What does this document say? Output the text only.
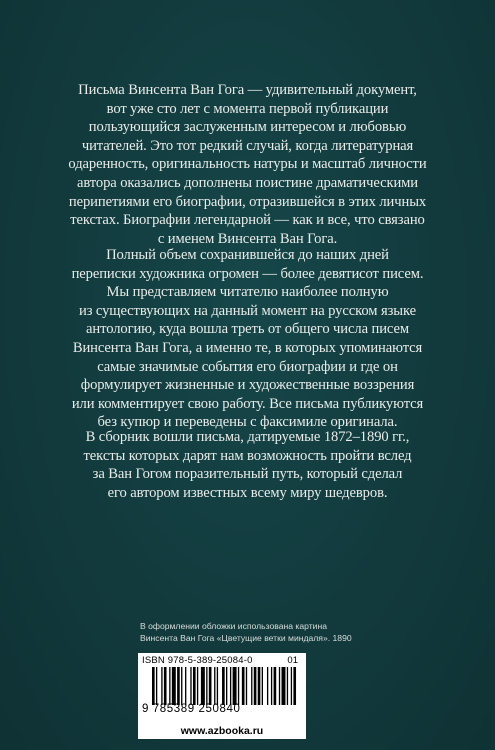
Письма Винсента Ван Гога — удивительный документ,
вот уже сто лет с момента первой публикации
пользующийся заслуженным интересом и любовью
читателей. Это тот редкий случай, когда литературная
одаренность, оригинальность натуры и масштаб личности
автора оказались дополнены поистине драматическими
перипетиями его биографии, отразившейся в этих личных
текстах. Биографии легендарной — как и все, что связано
с именем Винсента Ван Гога.
Полный объем сохранившейся до наших дней
переписки художника огромен — более девятисот писем.
Мы представляем читателю наиболее полную
из существующих на данный момент на русском языке
антологию, куда вошла треть от общего числа писем
Винсента Ван Гога, а именно те, в которых упоминаются
самые значимые события его биографии и где он
формулирует жизненные и художественные воззрения
или комментирует свою работу. Все письма публикуются
без купюр и переведены с факсимиле оригинала.
В сборник вошли письма, датируемые 1872–1890 гг.,
тексты которых дарят нам возможность пройти вслед
за Ван Гогом поразительный путь, который сделал
его автором известных всему миру шедевров.
В оформлении обложки использована картина
Винсента Ван Гога «Цветущие ветки миндаля». 1890
ISBN 978-5-389-25084-0	01
9 785389 250840
www.azbooka.ru
